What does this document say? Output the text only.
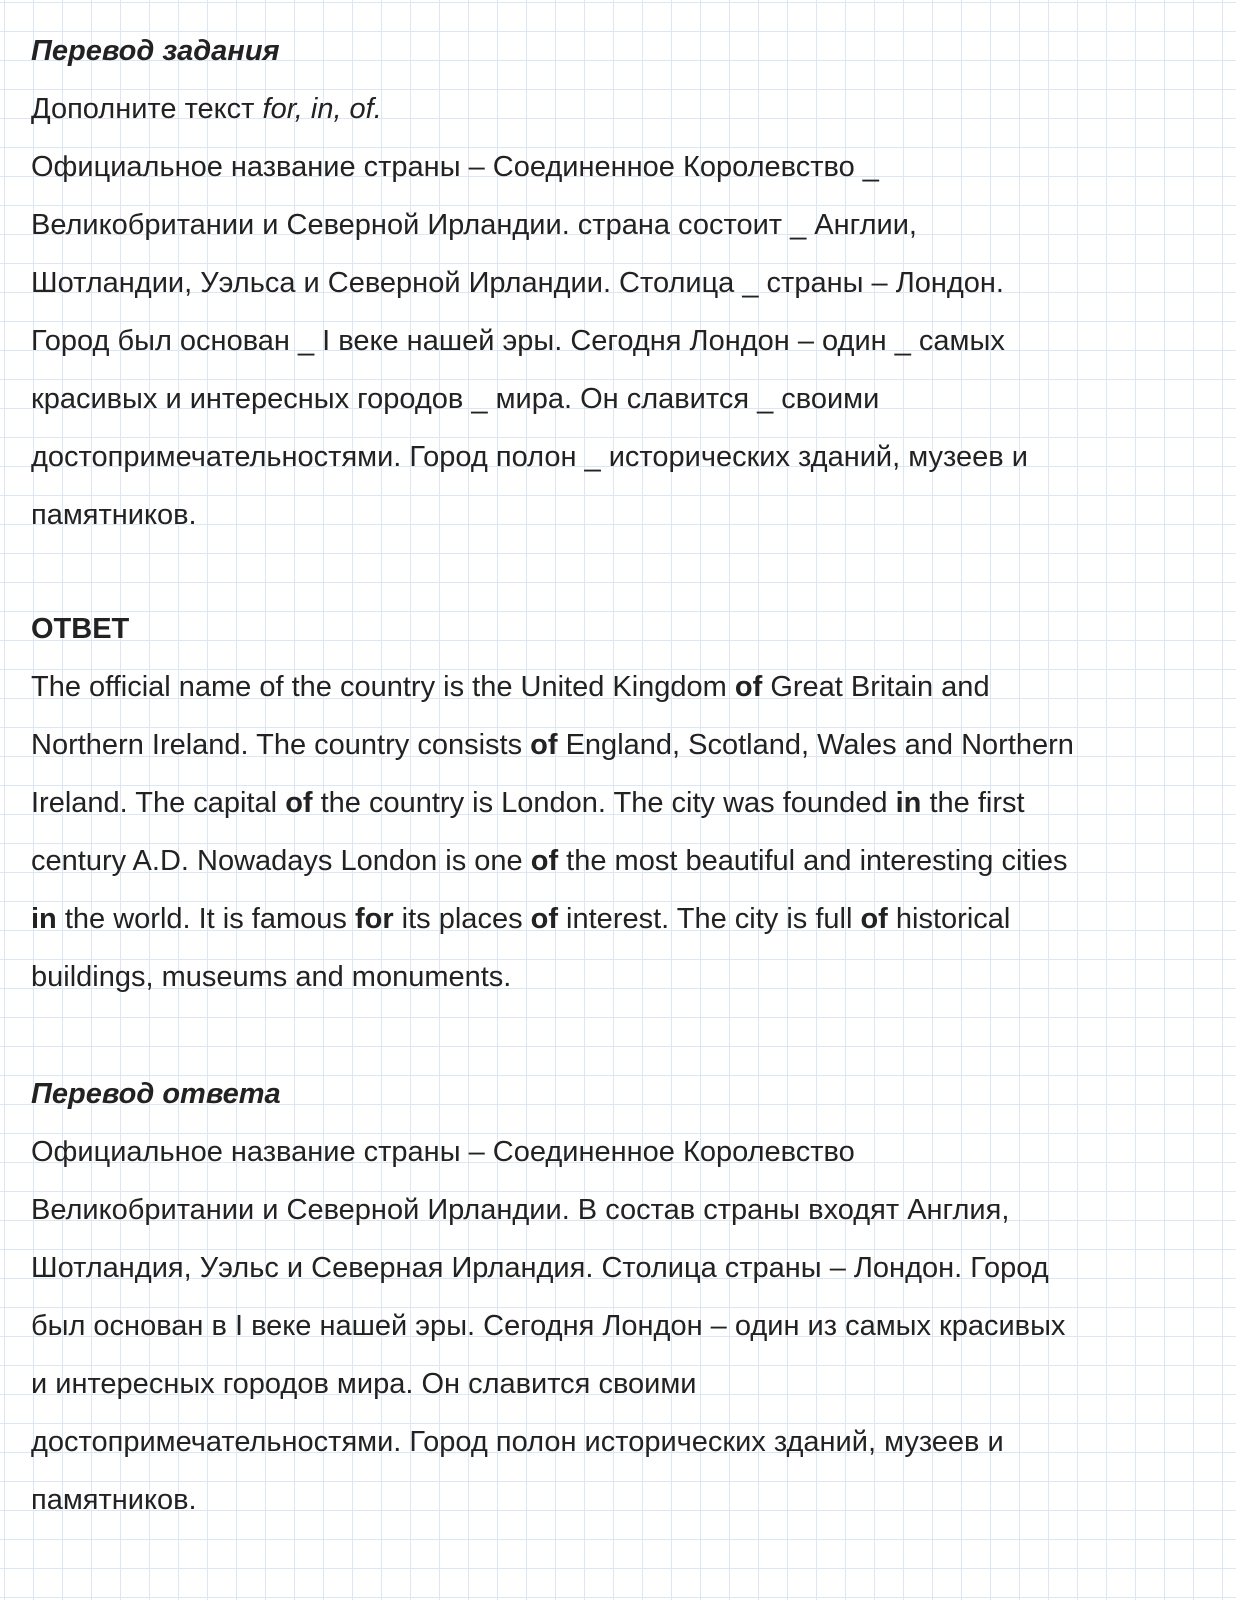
Перевод задания
Дополните текст for, in, of.
Официальное название страны – Соединенное Королевство _
Великобритании и Северной Ирландии. страна состоит _ Англии,
Шотландии, Уэльса и Северной Ирландии. Столица _ страны – Лондон.
Город был основан _ I веке нашей эры. Сегодня Лондон – один _ самых
красивых и интересных городов _ мира. Он славится _ своими
достопримечательностями. Город полон _ исторических зданий, музеев и
памятников.
ОТВЕТ
The official name of the country is the United Kingdom of Great Britain and
Northern Ireland. The country consists of England, Scotland, Wales and Northern
Ireland. The capital of the country is London. The city was founded in the first
century A.D. Nowadays London is one of the most beautiful and interesting cities
in the world. It is famous for its places of interest. The city is full of historical
buildings, museums and monuments.
Перевод ответа
Официальное название страны – Соединенное Королевство
Великобритании и Северной Ирландии. В состав страны входят Англия,
Шотландия, Уэльс и Северная Ирландия. Столица страны – Лондон. Город
был основан в I веке нашей эры. Сегодня Лондон – один из самых красивых
и интересных городов мира. Он славится своими
достопримечательностями. Город полон исторических зданий, музеев и
памятников.
